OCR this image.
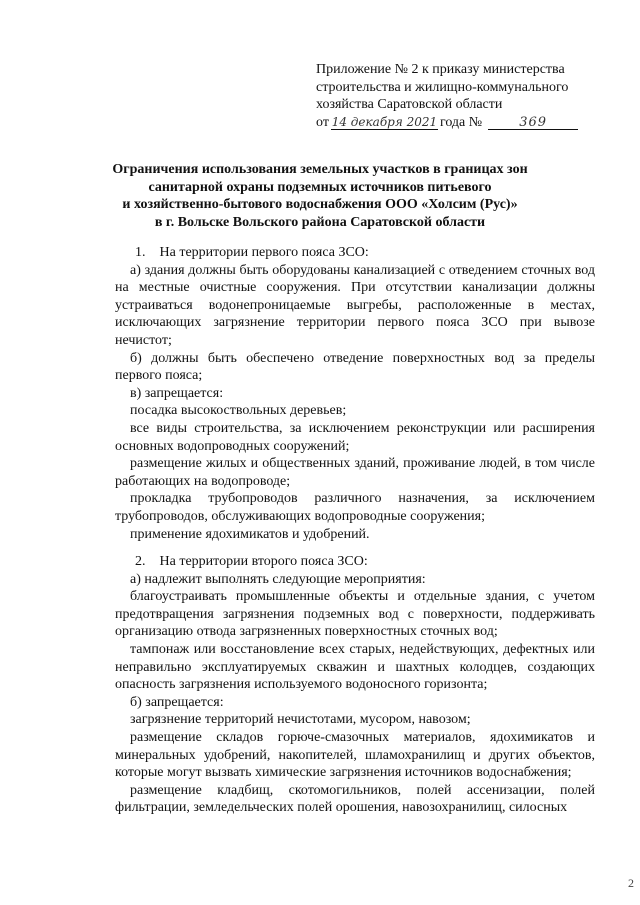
Приложение № 2 к приказу министерства
строительства и жилищно-коммунального
хозяйства Саратовской области
от 14 декабря 2021 года №	369
Ограничения использования земельных участков в границах зон
санитарной охраны подземных источников питьевого
и хозяйственно-бытового водоснабжения ООО «Холсим (Рус)»
в г. Вольске Вольского района Саратовской области
1.    На территории первого пояса ЗСО:
а) здания должны быть оборудованы канализацией с отведением сточных вод на местные очистные сооружения. При отсутствии канализации должны устраиваться водонепроницаемые выгребы, расположенные в местах, исключающих загрязнение территории первого пояса ЗСО при вывозе нечистот;
б) должны быть обеспечено отведение поверхностных вод за пределы первого пояса;
в) запрещается:
посадка высокоствольных деревьев;
все виды строительства, за исключением реконструкции или расширения основных водопроводных сооружений;
размещение жилых и общественных зданий, проживание людей, в том числе работающих на водопроводе;
прокладка трубопроводов различного назначения, за исключением трубопроводов, обслуживающих водопроводные сооружения;
применение ядохимикатов и удобрений.
2.    На территории второго пояса ЗСО:
а) надлежит выполнять следующие мероприятия:
благоустраивать промышленные объекты и отдельные здания, с учетом предотвращения загрязнения подземных вод с поверхности, поддерживать организацию отвода загрязненных поверхностных сточных вод;
тампонаж или восстановление всех старых, недействующих, дефектных или неправильно эксплуатируемых скважин и шахтных колодцев, создающих опасность загрязнения используемого водоносного горизонта;
б) запрещается:
загрязнение территорий нечистотами, мусором, навозом;
размещение складов горюче-смазочных материалов, ядохимикатов и минеральных удобрений, накопителей, шламохранилищ и других объектов, которые могут вызвать химические загрязнения источников водоснабжения;
размещение кладбищ, скотомогильников, полей ассенизации, полей фильтрации, земледельческих полей орошения, навозохранилищ, силосных
2
